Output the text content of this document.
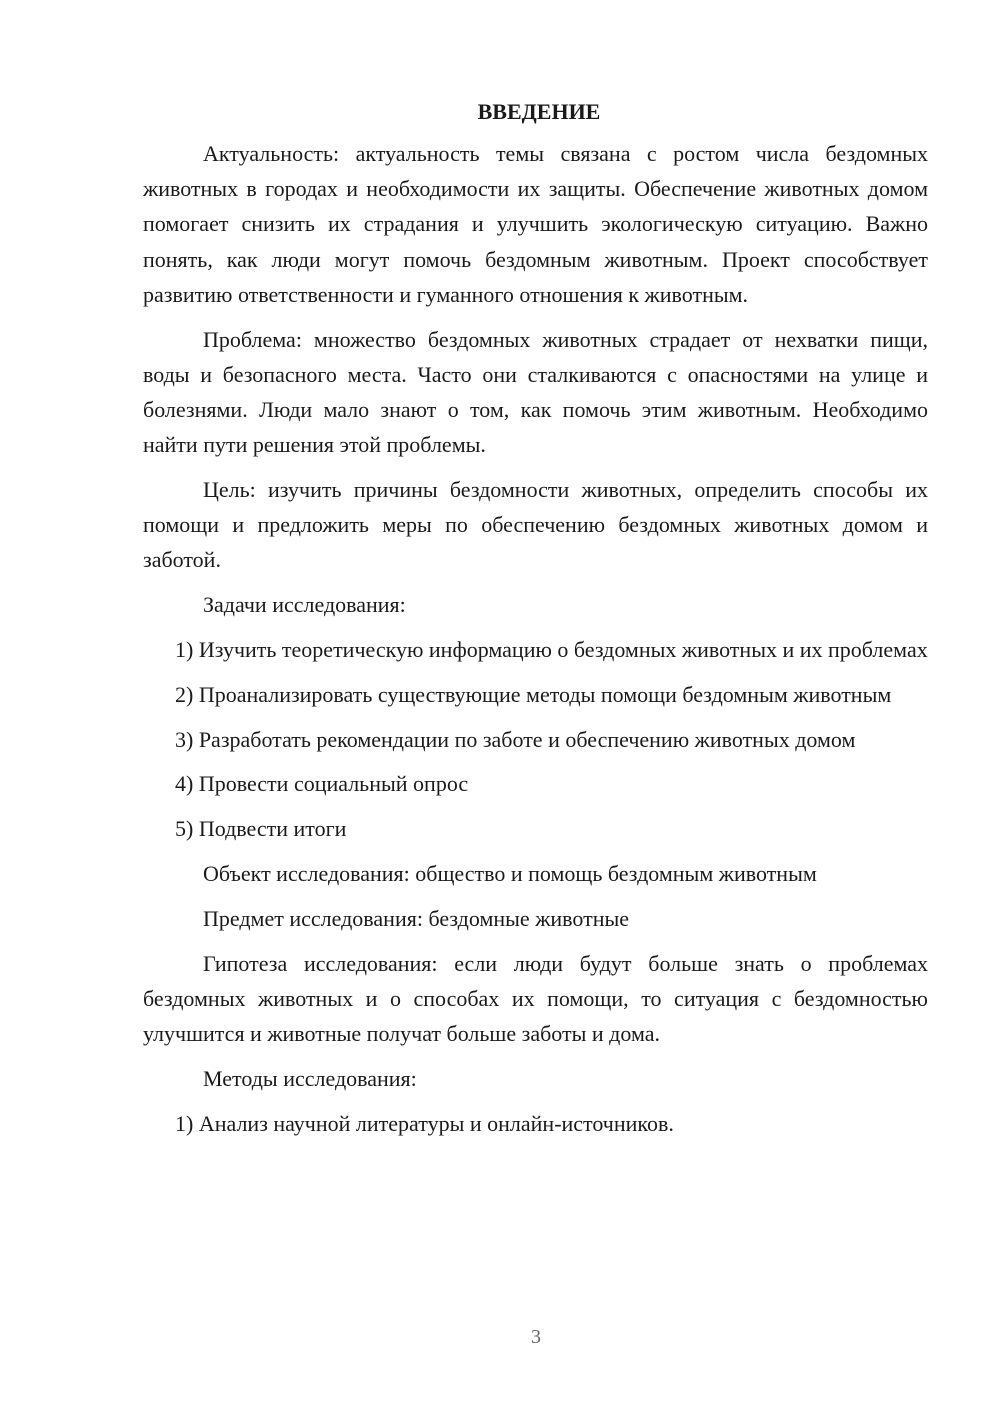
ВВЕДЕНИЕ

Актуальность: актуальность темы связана с ростом числа бездомных животных в городах и необходимости их защиты. Обеспечение животных домом помогает снизить их страдания и улучшить экологическую ситуацию. Важно понять, как люди могут помочь бездомным животным. Проект способствует развитию ответственности и гуманного отношения к животным.

Проблема: множество бездомных животных страдает от нехватки пищи, воды и безопасного места. Часто они сталкиваются с опасностями на улице и болезнями. Люди мало знают о том, как помочь этим животным. Необходимо найти пути решения этой проблемы.

Цель: изучить причины бездомности животных, определить способы их помощи и предложить меры по обеспечению бездомных животных домом и заботой.

Задачи исследования:

1) Изучить теоретическую информацию о бездомных животных и их проблемах

2) Проанализировать существующие методы помощи бездомным животным

3) Разработать рекомендации по заботе и обеспечению животных домом

4) Провести социальный опрос

5) Подвести итоги

Объект исследования: общество и помощь бездомным животным

Предмет исследования: бездомные животные

Гипотеза исследования: если люди будут больше знать о проблемах бездомных животных и о способах их помощи, то ситуация с бездомностью улучшится и животные получат больше заботы и дома.

Методы исследования:

1) Анализ научной литературы и онлайн-источников.

3
